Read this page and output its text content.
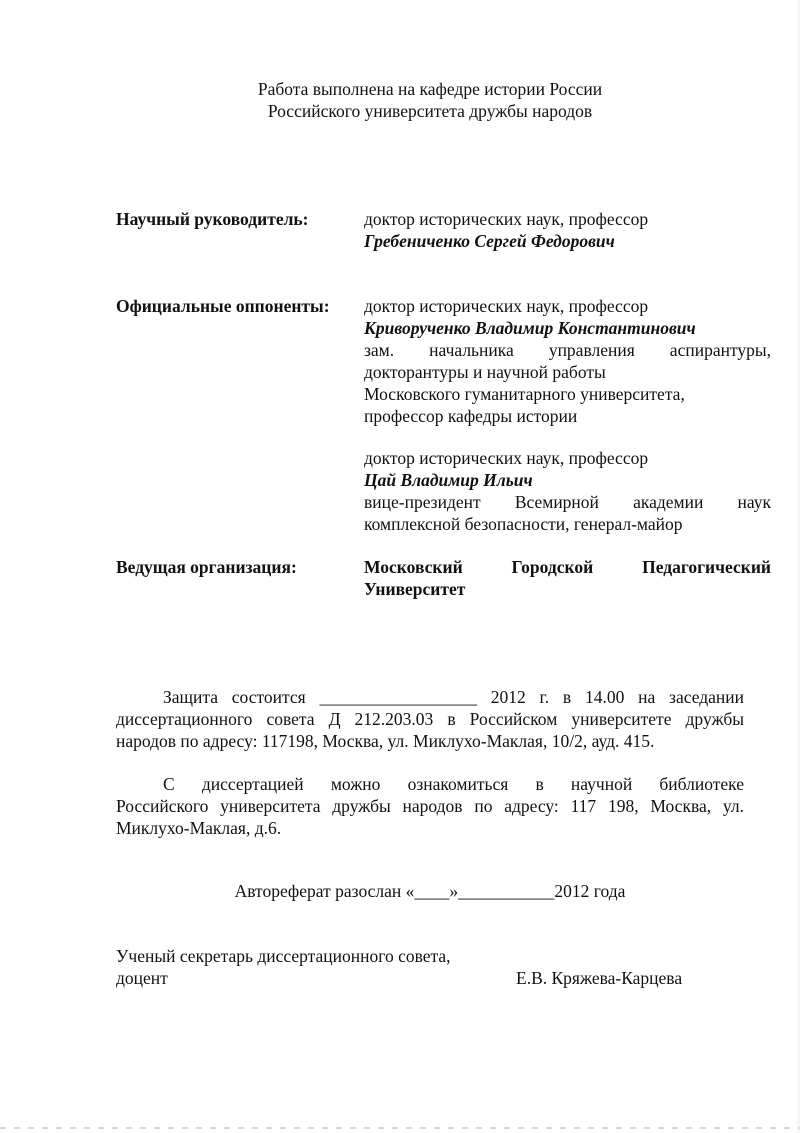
Работа выполнена на кафедре истории России
Российского университета дружбы народов
Научный руководитель:	доктор исторических наук, профессор
Гребениченко Сергей Федорович
Официальные оппоненты: доктор исторических наук, профессор
Криворученко Владимир Константинович
зам. начальника управления аспирантуры,
докторантуры и научной работы
Московского гуманитарного университета,
профессор кафедры истории
доктор исторических наук, профессор
Цай Владимир Ильич
вице-президент Всемирной академии наук
комплексной безопасности, генерал-майор
Ведущая организация:	Московский Городской Педагогический
Университет
Защита состоится __________________ 2012 г. в 14.00 на заседании
диссертационного совета Д 212.203.03 в Российском университете дружбы
народов по адресу: 117198, Москва, ул. Миклухо-Маклая, 10/2, ауд. 415.
С диссертацией можно ознакомиться в научной библиотеке
Российского университета дружбы народов по адресу: 117 198, Москва, ул.
Миклухо-Маклая, д.6.
Автореферат разослан «____»___________2012 года
Ученый секретарь диссертационного совета,
доцент	Е.В. Кряжева-Карцева
